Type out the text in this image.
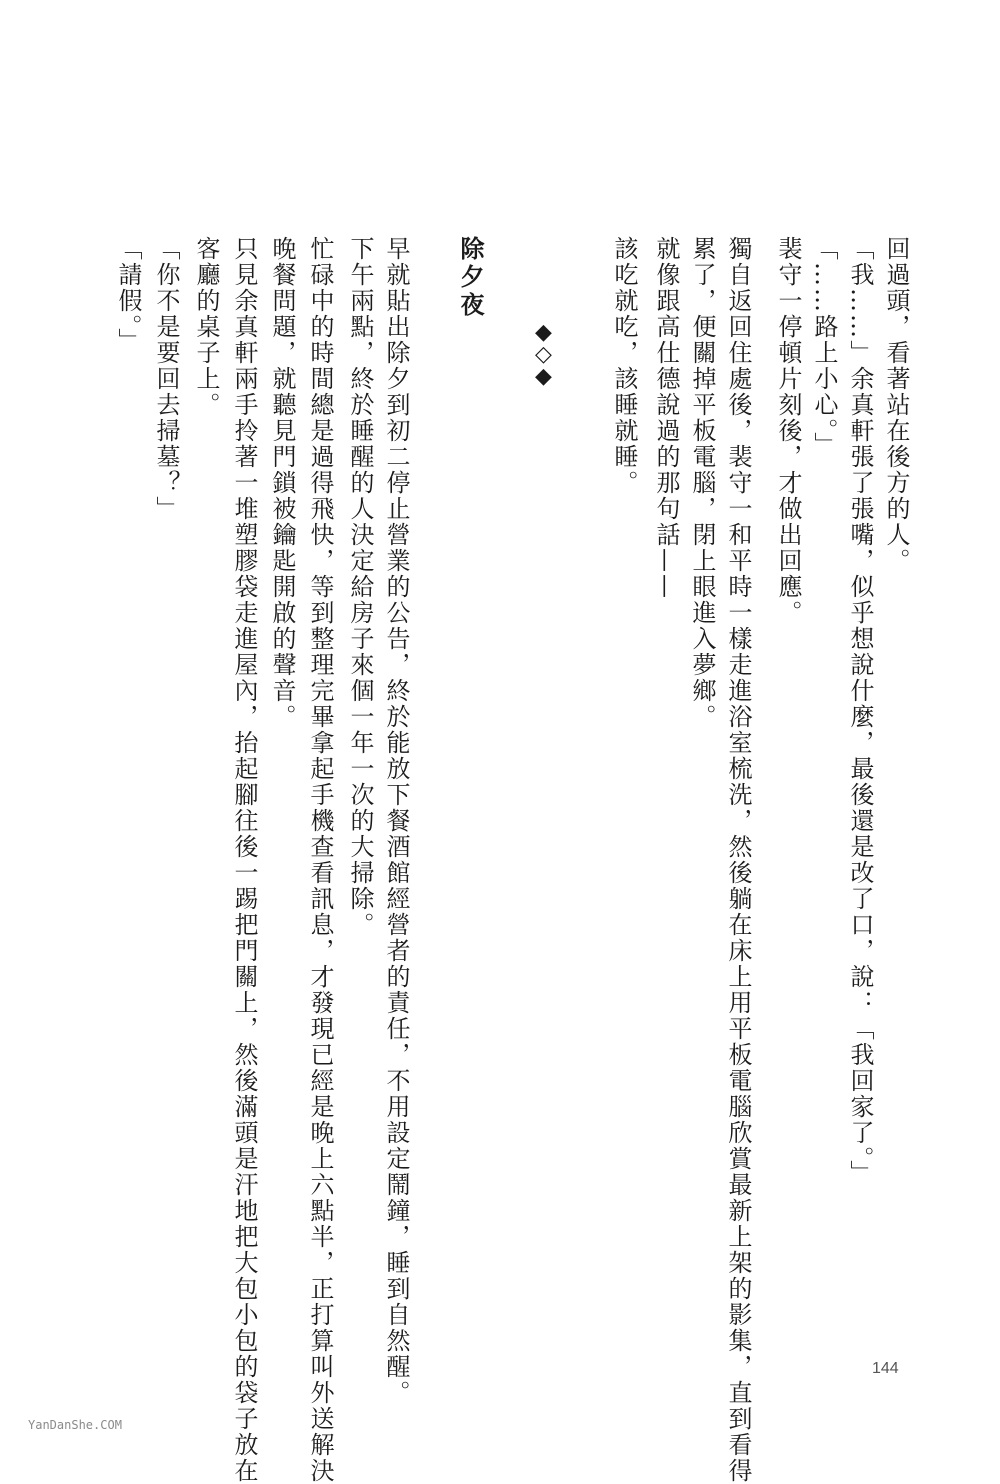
回過頭，看著站在後方的人。
「我……」余真軒張了張嘴，似乎想說什麼，最後還是改了口，說：「我回家了。」
「……路上小心。」
裴守一停頓片刻後，才做出回應。
獨自返回住處後，裴守一和平時一樣走進浴室梳洗，然後躺在床上用平板電腦欣賞最新上架的影集，直到看得
累了，便關掉平板電腦，閉上眼進入夢鄉。
就像跟高仕德說過的那句話——
該吃就吃，該睡就睡。
◆
◇
◆
除夕夜
早就貼出除夕到初二停止營業的公告，終於能放下餐酒館經營者的責任，不用設定鬧鐘，睡到自然醒。
下午兩點，終於睡醒的人決定給房子來個一年一次的大掃除。
忙碌中的時間總是過得飛快，等到整理完畢拿起手機查看訊息，才發現已經是晚上六點半，正打算叫外送解決
晚餐問題，就聽見門鎖被鑰匙開啟的聲音。
只見余真軒兩手拎著一堆塑膠袋走進屋內，抬起腳往後一踢把門關上，然後滿頭是汗地把大包小包的袋子放在
客廳的桌子上。
「你不是要回去掃墓？」
「請假。」
144
YanDanShe.COM
